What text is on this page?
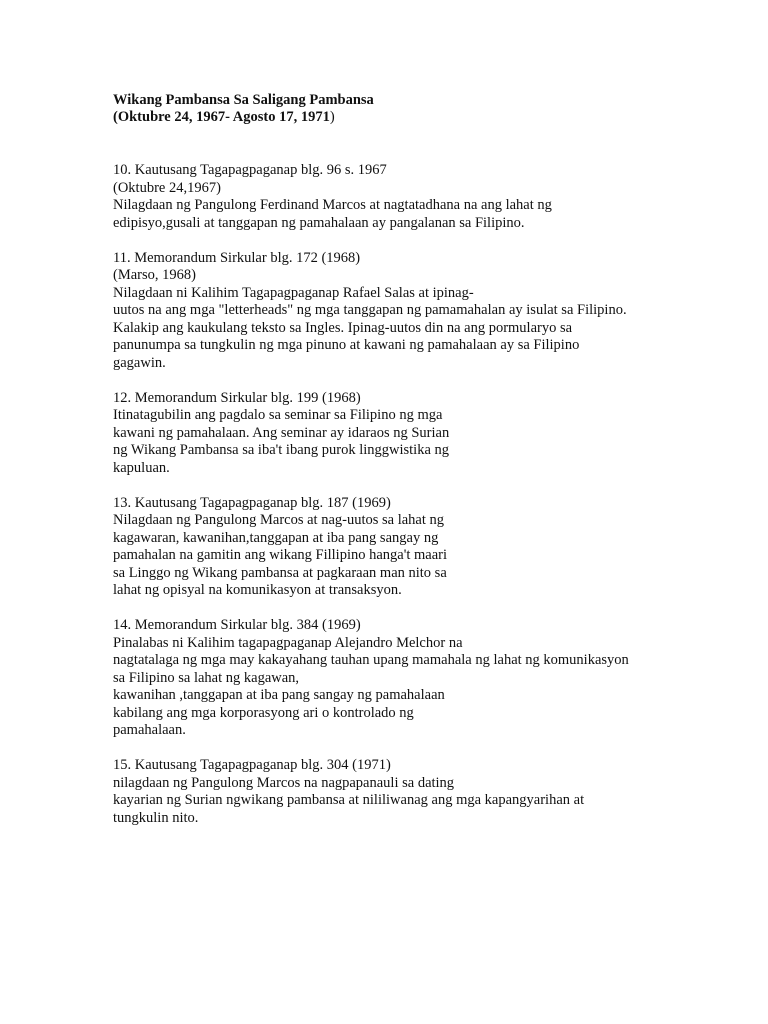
Wikang Pambansa Sa Saligang Pambansa
(Oktubre 24, 1967- Agosto 17, 1971)
10. Kautusang Tagapagpaganap blg. 96 s. 1967
(Oktubre 24,1967)
Nilagdaan ng Pangulong Ferdinand Marcos at nagtatadhana na ang lahat ng
edipisyo,gusali at tanggapan ng pamahalaan ay pangalanan sa Filipino.
11. Memorandum Sirkular blg. 172 (1968)
(Marso, 1968)
Nilagdaan ni Kalihim Tagapagpaganap Rafael Salas at ipinag-
uutos na ang mga "letterheads" ng mga tanggapan ng pamamahalan ay isulat sa Filipino.
Kalakip ang kaukulang teksto sa Ingles. Ipinag-uutos din na ang pormularyo sa
panunumpa sa tungkulin ng mga pinuno at kawani ng pamahalaan ay sa Filipino
gagawin.
12. Memorandum Sirkular blg. 199 (1968)
Itinatagubilin ang pagdalo sa seminar sa Filipino ng mga
kawani ng pamahalaan. Ang seminar ay idaraos ng Surian
ng Wikang Pambansa sa iba't ibang purok linggwistika ng
kapuluan.
13. Kautusang Tagapagpaganap blg. 187 (1969)
Nilagdaan ng Pangulong Marcos at nag-uutos sa lahat ng
kagawaran, kawanihan,tanggapan at iba pang sangay ng
pamahalan na gamitin ang wikang Fillipino hanga't maari
sa Linggo ng Wikang pambansa at pagkaraan man nito sa
lahat ng opisyal na komunikasyon at transaksyon.
14. Memorandum Sirkular blg. 384 (1969)
Pinalabas ni Kalihim tagapagpaganap Alejandro Melchor na
nagtatalaga ng mga may kakayahang tauhan upang mamahala ng lahat ng komunikasyon
sa Filipino sa lahat ng kagawan,
kawanihan ,tanggapan at iba pang sangay ng pamahalaan
kabilang ang mga korporasyong ari o kontrolado ng
pamahalaan.
15. Kautusang Tagapagpaganap blg. 304 (1971)
nilagdaan ng Pangulong Marcos na nagpapanauli sa dating
kayarian ng Surian ngwikang pambansa at nililiwanag ang mga kapangyarihan at
tungkulin nito.
